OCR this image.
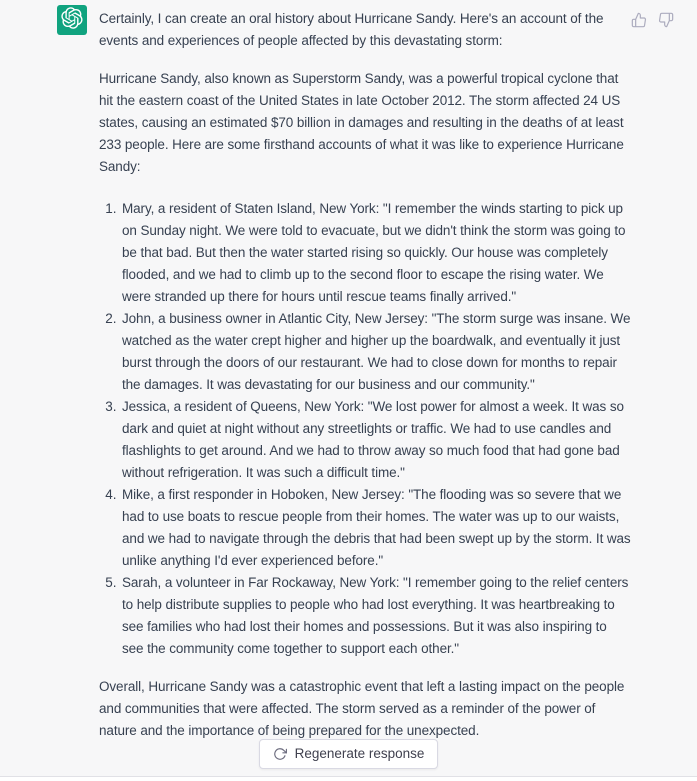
Certainly, I can create an oral history about Hurricane Sandy. Here's an account of the events and experiences of people affected by this devastating storm:

Hurricane Sandy, also known as Superstorm Sandy, was a powerful tropical cyclone that hit the eastern coast of the United States in late October 2012. The storm affected 24 US states, causing an estimated $70 billion in damages and resulting in the deaths of at least 233 people. Here are some firsthand accounts of what it was like to experience Hurricane Sandy:

1. Mary, a resident of Staten Island, New York: "I remember the winds starting to pick up on Sunday night. We were told to evacuate, but we didn't think the storm was going to be that bad. But then the water started rising so quickly. Our house was completely flooded, and we had to climb up to the second floor to escape the rising water. We were stranded up there for hours until rescue teams finally arrived."
2. John, a business owner in Atlantic City, New Jersey: "The storm surge was insane. We watched as the water crept higher and higher up the boardwalk, and eventually it just burst through the doors of our restaurant. We had to close down for months to repair the damages. It was devastating for our business and our community."
3. Jessica, a resident of Queens, New York: "We lost power for almost a week. It was so dark and quiet at night without any streetlights or traffic. We had to use candles and flashlights to get around. And we had to throw away so much food that had gone bad without refrigeration. It was such a difficult time."
4. Mike, a first responder in Hoboken, New Jersey: "The flooding was so severe that we had to use boats to rescue people from their homes. The water was up to our waists, and we had to navigate through the debris that had been swept up by the storm. It was unlike anything I'd ever experienced before."
5. Sarah, a volunteer in Far Rockaway, New York: "I remember going to the relief centers to help distribute supplies to people who had lost everything. It was heartbreaking to see families who had lost their homes and possessions. But it was also inspiring to see the community come together to support each other."

Overall, Hurricane Sandy was a catastrophic event that left a lasting impact on the people and communities that were affected. The storm served as a reminder of the power of nature and the importance of being prepared for the unexpected.

Regenerate response
